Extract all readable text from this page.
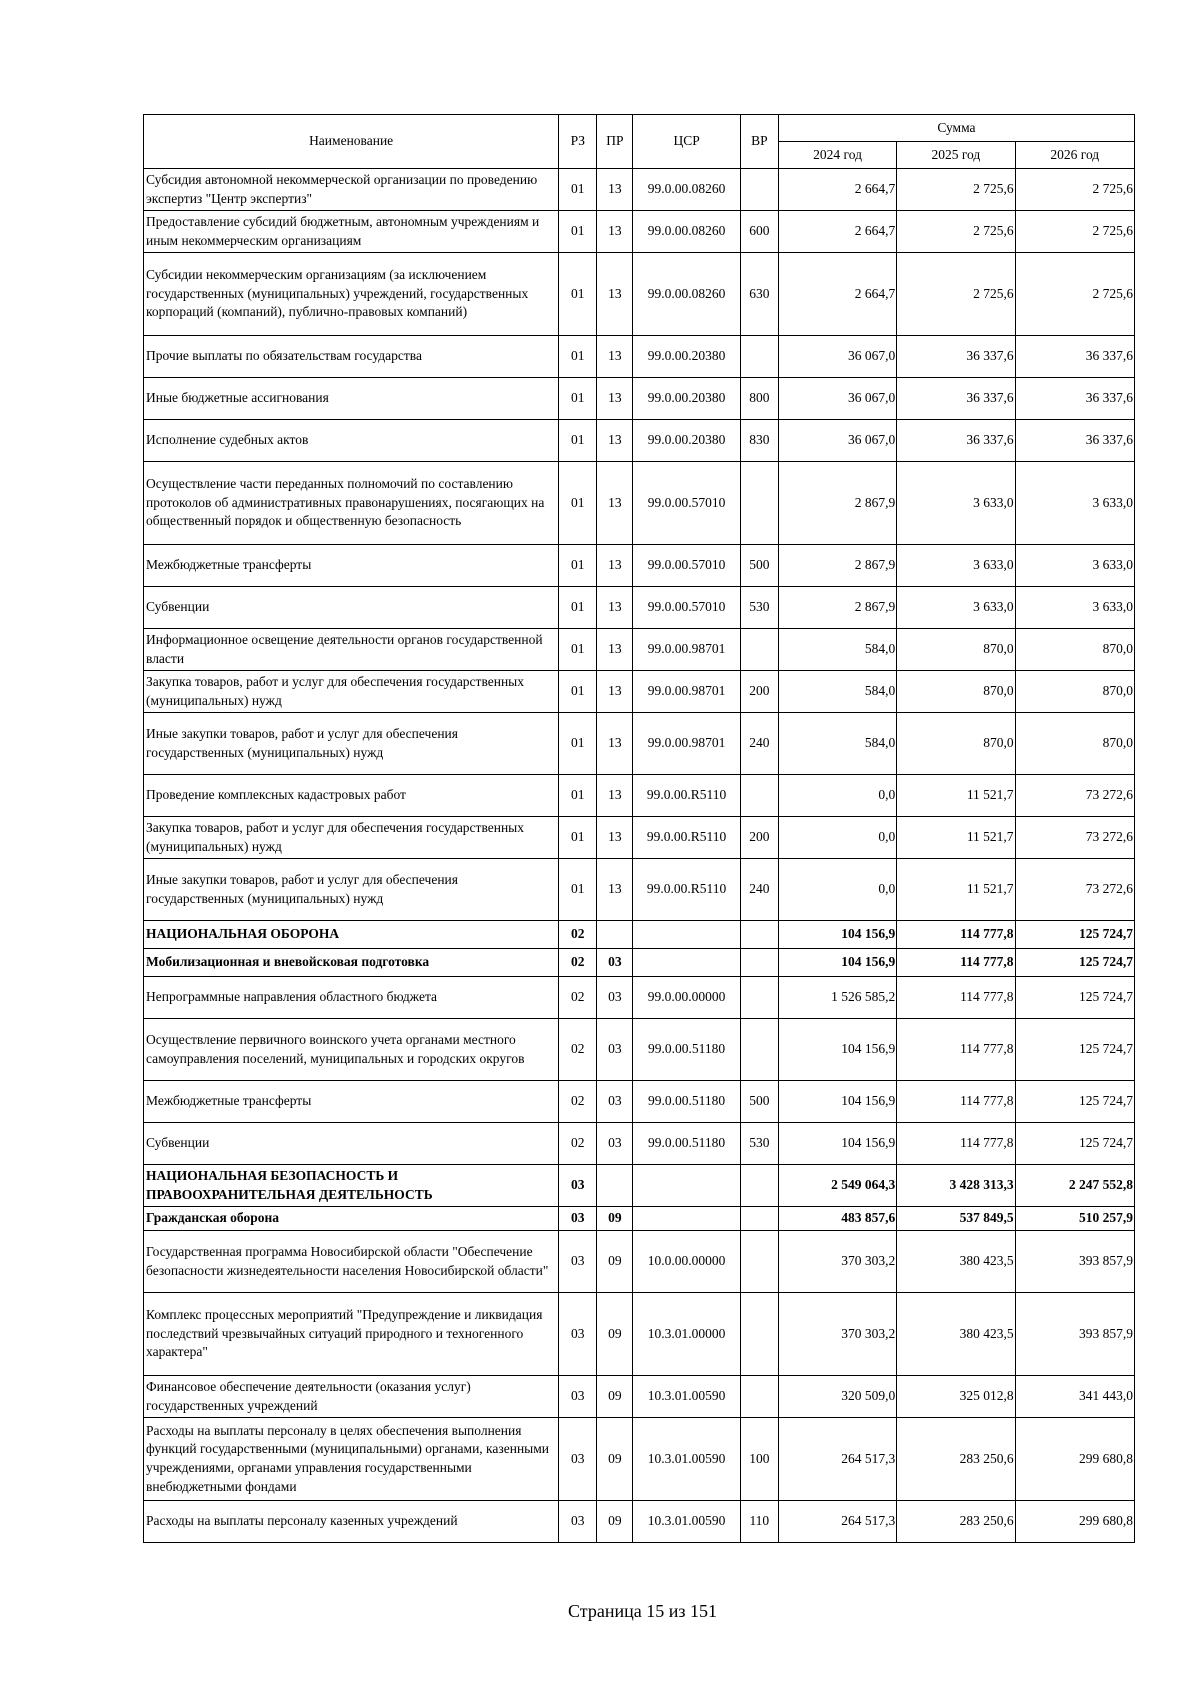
Наименование	РЗ	ПР	ЦСР	ВР	Сумма		
					2024 год	2025 год	2026 год
Субсидия автономной некоммерческой организации по проведению экспертиз "Центр экспертиз"	01	13	99.0.00.08260		2 664,7	2 725,6	2 725,6
Предоставление субсидий бюджетным, автономным учреждениям и иным некоммерческим организациям	01	13	99.0.00.08260	600	2 664,7	2 725,6	2 725,6
Субсидии некоммерческим организациям (за исключением государственных (муниципальных) учреждений, государственных корпораций (компаний), публично-правовых компаний)	01	13	99.0.00.08260	630	2 664,7	2 725,6	2 725,6
Прочие выплаты по обязательствам государства	01	13	99.0.00.20380		36 067,0	36 337,6	36 337,6
Иные бюджетные ассигнования	01	13	99.0.00.20380	800	36 067,0	36 337,6	36 337,6
Исполнение судебных актов	01	13	99.0.00.20380	830	36 067,0	36 337,6	36 337,6
Осуществление части переданных полномочий по составлению протоколов об административных правонарушениях, посягающих на общественный порядок и общественную безопасность	01	13	99.0.00.57010		2 867,9	3 633,0	3 633,0
Межбюджетные трансферты	01	13	99.0.00.57010	500	2 867,9	3 633,0	3 633,0
Субвенции	01	13	99.0.00.57010	530	2 867,9	3 633,0	3 633,0
Информационное освещение деятельности органов государственной власти	01	13	99.0.00.98701		584,0	870,0	870,0
Закупка товаров, работ и услуг для обеспечения государственных (муниципальных) нужд	01	13	99.0.00.98701	200	584,0	870,0	870,0
Иные закупки товаров, работ и услуг для обеспечения государственных (муниципальных) нужд	01	13	99.0.00.98701	240	584,0	870,0	870,0
Проведение комплексных кадастровых работ	01	13	99.0.00.R5110		0,0	11 521,7	73 272,6
Закупка товаров, работ и услуг для обеспечения государственных (муниципальных) нужд	01	13	99.0.00.R5110	200	0,0	11 521,7	73 272,6
Иные закупки товаров, работ и услуг для обеспечения государственных (муниципальных) нужд	01	13	99.0.00.R5110	240	0,0	11 521,7	73 272,6
НАЦИОНАЛЬНАЯ ОБОРОНА	02				104 156,9	114 777,8	125 724,7
Мобилизационная и вневойсковая подготовка	02	03			104 156,9	114 777,8	125 724,7
Непрограммные направления областного бюджета	02	03	99.0.00.00000		1 526 585,2	114 777,8	125 724,7
Осуществление первичного воинского учета органами местного самоуправления поселений, муниципальных и городских округов	02	03	99.0.00.51180		104 156,9	114 777,8	125 724,7
Межбюджетные трансферты	02	03	99.0.00.51180	500	104 156,9	114 777,8	125 724,7
Субвенции	02	03	99.0.00.51180	530	104 156,9	114 777,8	125 724,7
НАЦИОНАЛЬНАЯ БЕЗОПАСНОСТЬ И ПРАВООХРАНИТЕЛЬНАЯ ДЕЯТЕЛЬНОСТЬ	03				2 549 064,3	3 428 313,3	2 247 552,8
Гражданская оборона	03	09			483 857,6	537 849,5	510 257,9
Государственная программа Новосибирской области "Обеспечение безопасности жизнедеятельности населения Новосибирской области"	03	09	10.0.00.00000		370 303,2	380 423,5	393 857,9
Комплекс процессных мероприятий "Предупреждение и ликвидация последствий чрезвычайных ситуаций природного и техногенного характера"	03	09	10.3.01.00000		370 303,2	380 423,5	393 857,9
Финансовое обеспечение деятельности (оказания услуг) государственных учреждений	03	09	10.3.01.00590		320 509,0	325 012,8	341 443,0
Расходы на выплаты персоналу в целях обеспечения выполнения функций государственными (муниципальными) органами, казенными учреждениями, органами управления государственными внебюджетными фондами	03	09	10.3.01.00590	100	264 517,3	283 250,6	299 680,8
Расходы на выплаты персоналу казенных учреждений	03	09	10.3.01.00590	110	264 517,3	283 250,6	299 680,8
Страница 15 из 151
